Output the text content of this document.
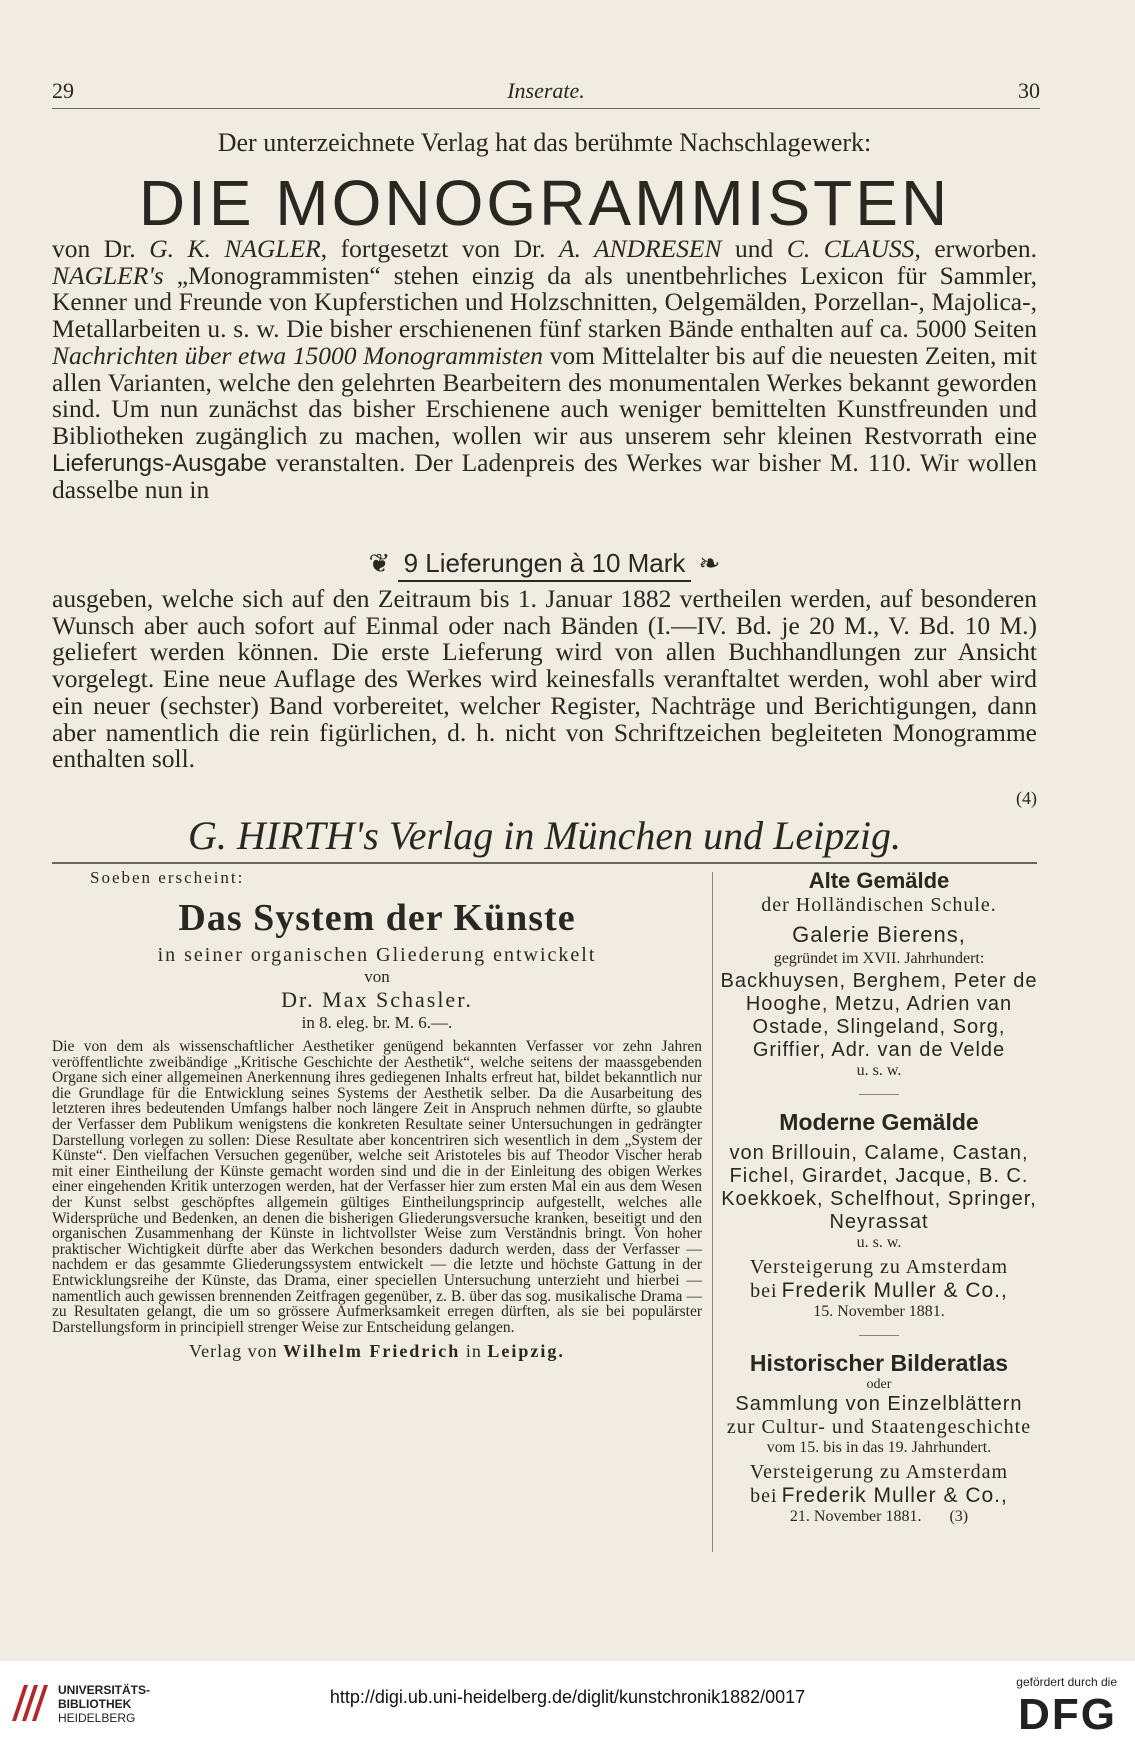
29	Inserate.	30
Der unterzeichnete Verlag hat das berühmte Nachschlagewerk:
DIE MONOGRAMMISTEN
von Dr. G. K. NAGLER, fortgesetzt von Dr. A. ANDRESEN und C. CLAUSS, erworben. NAGLER's „Monogrammisten“ stehen einzig da als unentbehrliches Lexicon für Sammler, Kenner und Freunde von Kupferstichen und Holzschnitten, Oelgemälden, Porzellan-, Majolica-, Metallarbeiten u. s. w. Die bisher erschienenen fünf starken Bände enthalten auf ca. 5000 Seiten Nachrichten über etwa 15000 Monogrammisten vom Mittelalter bis auf die neuesten Zeiten, mit allen Varianten, welche den gelehrten Bearbeitern des monumentalen Werkes bekannt geworden sind. Um nun zunächst das bisher Erschienene auch weniger bemittelten Kunstfreunden und Bibliotheken zugänglich zu machen, wollen wir aus unserem sehr kleinen Restvorrath eine Lieferungs-Ausgabe veranstalten. Der Ladenpreis des Werkes war bisher M. 110. Wir wollen dasselbe nun in
❦ 9 Lieferungen à 10 Mark ❧
ausgeben, welche sich auf den Zeitraum bis 1. Januar 1882 vertheilen werden, auf besonderen Wunsch aber auch sofort auf Einmal oder nach Bänden (I.—IV. Bd. je 20 M., V. Bd. 10 M.) geliefert werden können. Die erste Lieferung wird von allen Buchhandlungen zur Ansicht vorgelegt. Eine neue Auflage des Werkes wird keinesfalls veranftaltet werden, wohl aber wird ein neuer (sechster) Band vorbereitet, welcher Register, Nachträge und Berichtigungen, dann aber namentlich die rein figürlichen, d. h. nicht von Schriftzeichen begleiteten Monogramme enthalten soll.
(4)
G. HIRTH's Verlag in München und Leipzig.
Soeben erscheint:
Das System der Künste
in seiner organischen Gliederung entwickelt
von
Dr. Max Schasler.
in 8. eleg. br. M. 6.—.
Die von dem als wissenschaftlicher Aesthetiker genügend bekannten Verfasser vor zehn Jahren veröffentlichte zweibändige „Kritische Geschichte der Aesthetik“, welche seitens der maassgebenden Organe sich einer allgemeinen Anerkennung ihres gediegenen Inhalts erfreut hat, bildet bekanntlich nur die Grundlage für die Entwicklung seines Systems der Aesthetik selber. Da die Ausarbeitung des letzteren ihres bedeutenden Umfangs halber noch längere Zeit in Anspruch nehmen dürfte, so glaubte der Verfasser dem Publikum wenigstens die konkreten Resultate seiner Untersuchungen in gedrängter Darstellung vorlegen zu sollen: Diese Resultate aber koncentriren sich wesentlich in dem „System der Künste“. Den vielfachen Versuchen gegenüber, welche seit Aristoteles bis auf Theodor Vischer herab mit einer Eintheilung der Künste gemacht worden sind und die in der Einleitung des obigen Werkes einer eingehenden Kritik unterzogen werden, hat der Verfasser hier zum ersten Mal ein aus dem Wesen der Kunst selbst geschöpftes allgemein gültiges Eintheilungsprincip aufgestellt, welches alle Widersprüche und Bedenken, an denen die bisherigen Gliederungsversuche kranken, beseitigt und den organischen Zusammenhang der Künste in lichtvollster Weise zum Verständnis bringt. Von hoher praktischer Wichtigkeit dürfte aber das Werkchen besonders dadurch werden, dass der Verfasser — nachdem er das gesammte Gliederungssystem entwickelt — die letzte und höchste Gattung in der Entwicklungsreihe der Künste, das Drama, einer speciellen Untersuchung unterzieht und hierbei — namentlich auch gewissen brennenden Zeitfragen gegenüber, z. B. über das sog. musikalische Drama — zu Resultaten gelangt, die um so grössere Aufmerksamkeit erregen dürften, als sie bei populärster Darstellungsform in principiell strenger Weise zur Entscheidung gelangen.
Verlag von Wilhelm Friedrich in Leipzig.
Alte Gemälde
der Holländischen Schule.
Galerie Bierens,
gegründet im XVII. Jahrhundert:
Backhuysen, Berghem, Peter de Hooghe, Metzu, Adrien van Ostade, Slingeland, Sorg, Griffier, Adr. van de Velde
u. s. w.
Moderne Gemälde
von Brillouin, Calame, Castan, Fichel, Girardet, Jacque, B. C. Koekkoek, Schelfhout, Springer, Neyrassat
u. s. w.
Versteigerung zu Amsterdam
bei Frederik Muller & Co.,
15. November 1881.
Historischer Bilderatlas
oder
Sammlung von Einzelblättern
zur Cultur- und Staatengeschichte
vom 15. bis in das 19. Jahrhundert.
Versteigerung zu Amsterdam
bei Frederik Muller & Co.,
21. November 1881. (3)
UNIVERSITÄTS-
BIBLIOTHEK
HEIDELBERG
http://digi.ub.uni-heidelberg.de/diglit/kunstchronik1882/0017
gefördert durch die
DFG
